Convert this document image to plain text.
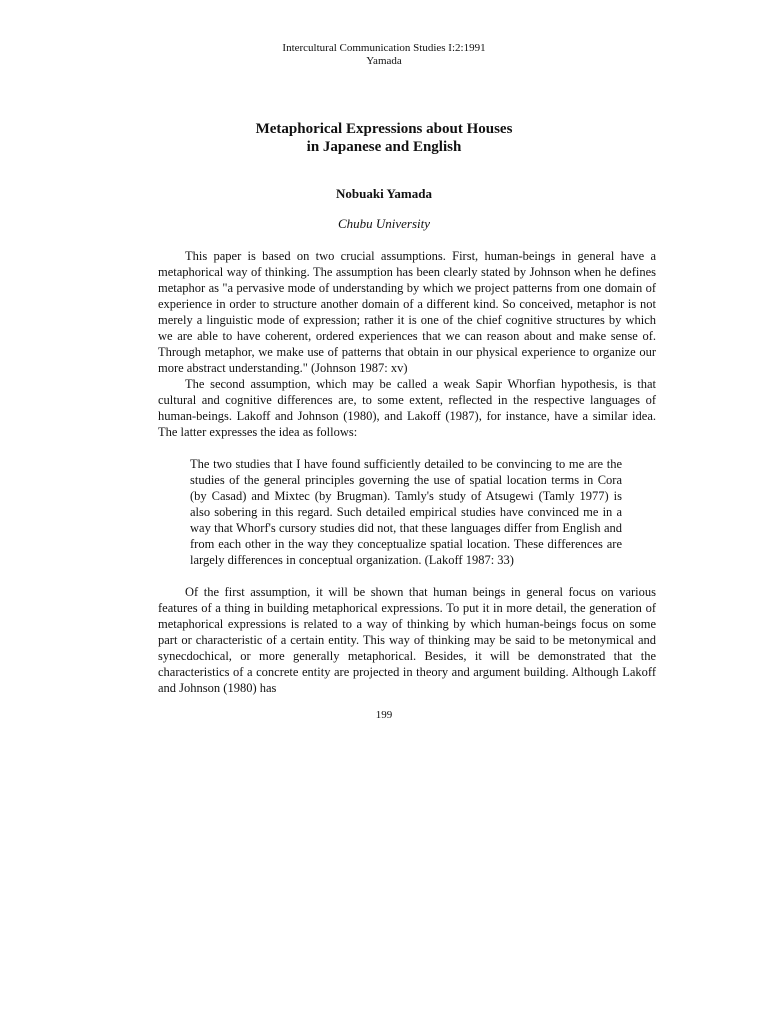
Intercultural Communication Studies I:2:1991
Yamada
Metaphorical Expressions about Houses
in Japanese and English
Nobuaki Yamada
Chubu University
This paper is based on two crucial assumptions. First, human-beings in general have a metaphorical way of thinking. The assumption has been clearly stated by Johnson when he defines metaphor as "a pervasive mode of understanding by which we project patterns from one domain of experience in order to structure another domain of a different kind. So conceived, metaphor is not merely a linguistic mode of expression; rather it is one of the chief cognitive structures by which we are able to have coherent, ordered experiences that we can reason about and make sense of. Through metaphor, we make use of patterns that obtain in our physical experience to organize our more abstract understanding." (Johnson 1987: xv)
The second assumption, which may be called a weak Sapir Whorfian hypothesis, is that cultural and cognitive differences are, to some extent, reflected in the respective languages of human-beings. Lakoff and Johnson (1980), and Lakoff (1987), for instance, have a similar idea. The latter expresses the idea as follows:
The two studies that I have found sufficiently detailed to be convincing to me are the studies of the general principles governing the use of spatial location terms in Cora (by Casad) and Mixtec (by Brugman). Tamly's study of Atsugewi (Tamly 1977) is also sobering in this regard. Such detailed empirical studies have convinced me in a way that Whorf's cursory studies did not, that these languages differ from English and from each other in the way they conceptualize spatial location. These differences are largely differences in conceptual organization. (Lakoff 1987: 33)
Of the first assumption, it will be shown that human beings in general focus on various features of a thing in building metaphorical expressions. To put it in more detail, the generation of metaphorical expressions is related to a way of thinking by which human-beings focus on some part or characteristic of a certain entity. This way of thinking may be said to be metonymical and synecdochical, or more generally metaphorical. Besides, it will be demonstrated that the characteristics of a concrete entity are projected in theory and argument building. Although Lakoff and Johnson (1980) has
199
